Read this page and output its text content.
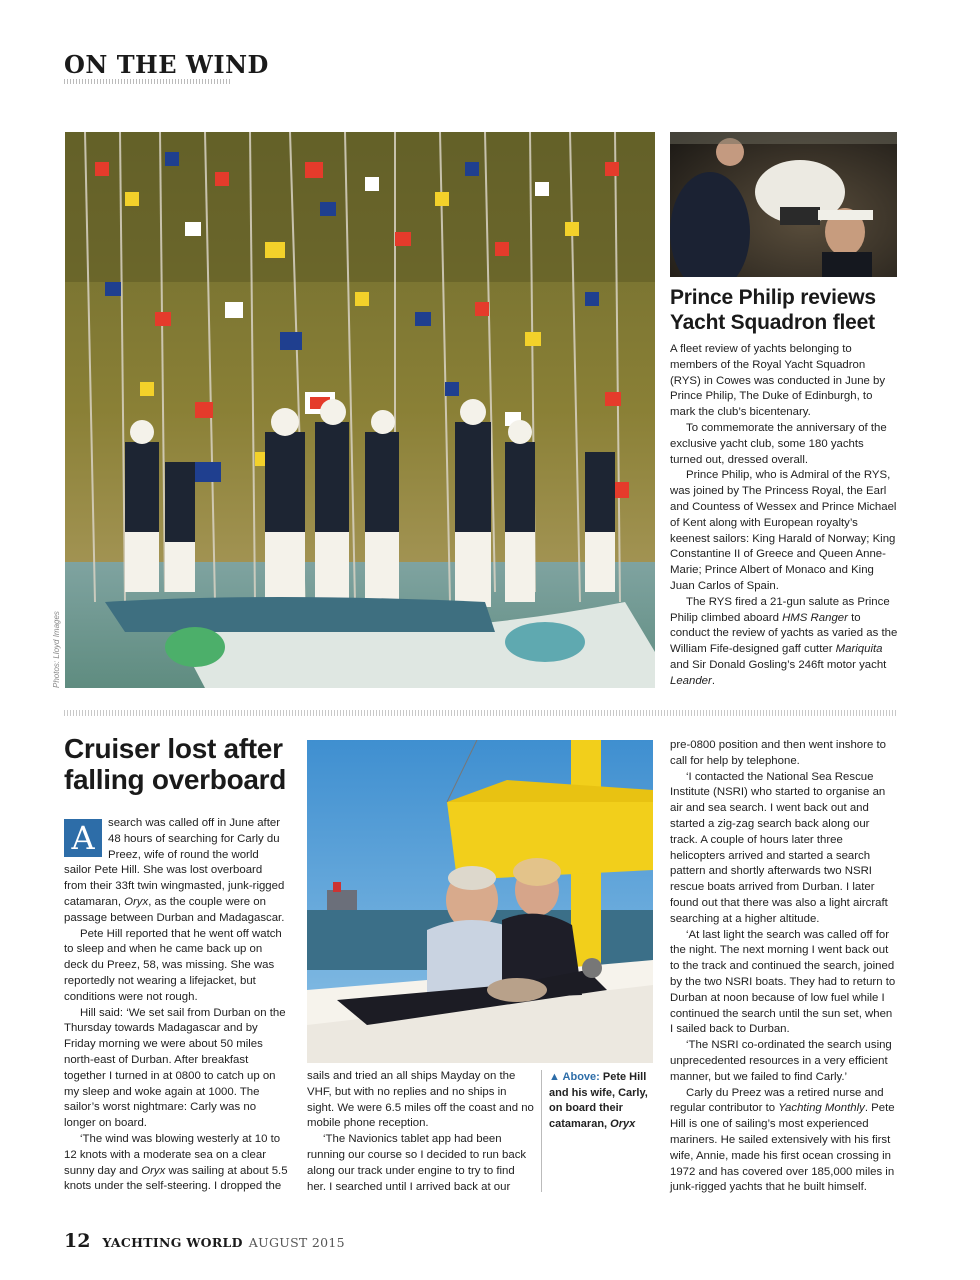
ON THE WIND
Photos: Lloyd Images
Prince Philip reviews Yacht Squadron fleet

A fleet review of yachts belonging to members of the Royal Yacht Squadron (RYS) in Cowes was conducted in June by Prince Philip, The Duke of Edinburgh, to mark the club’s bicentenary.

To commemorate the anniversary of the exclusive yacht club, some 180 yachts turned out, dressed overall.

Prince Philip, who is Admiral of the RYS, was joined by The Princess Royal, the Earl and Countess of Wessex and Prince Michael of Kent along with European royalty’s keenest sailors: King Harald of Norway; King Constantine II of Greece and Queen Anne-Marie; Prince Albert of Monaco and King Juan Carlos of Spain.

The RYS fired a 21-gun salute as Prince Philip climbed aboard HMS Ranger to conduct the review of yachts as varied as the William Fife-designed gaff cutter Mariquita and Sir Donald Gosling’s 246ft motor yacht Leander.

Cruiser lost after falling overboard

A	search was called off in June after 48 hours of searching for Carly du Preez, wife of round the world sailor Pete Hill. She was lost overboard from their 33ft twin wingmasted, junk-rigged catamaran, Oryx, as the couple were on passage between Durban and Madagascar.

Pete Hill reported that he went off watch to sleep and when he came back up on deck du Preez, 58, was missing. She was reportedly not wearing a lifejacket, but conditions were not rough.

Hill said: ‘We set sail from Durban on the Thursday towards Madagascar and by Friday morning we were about 50 miles north-east of Durban. After breakfast together I turned in at 0800 to catch up on my sleep and woke again at 1000. The sailor’s worst nightmare: Carly was no longer on board.

‘The wind was blowing westerly at 10 to 12 knots with a moderate sea on a clear sunny day and Oryx was sailing at about 5.5 knots under the self-steering. I dropped the

sails and tried an all ships Mayday on the VHF, but with no replies and no ships in sight. We were 6.5 miles off the coast and no mobile phone reception.

‘The Navionics tablet app had been running our course so I decided to run back along our track under engine to try to find her. I searched until I arrived back at our

▲ Above: Pete Hill and his wife, Carly, on board their catamaran, Oryx

pre-0800 position and then went inshore to call for help by telephone.

‘I contacted the National Sea Rescue Institute (NSRI) who started to organise an air and sea search. I went back out and started a zig-zag search back along our track. A couple of hours later three helicopters arrived and started a search pattern and shortly afterwards two NSRI rescue boats arrived from Durban. I later found out that there was also a light aircraft searching at a higher altitude.

‘At last light the search was called off for the night. The next morning I went back out to the track and continued the search, joined by the two NSRI boats. They had to return to Durban at noon because of low fuel while I continued the search until the sun set, when I sailed back to Durban.

‘The NSRI co-ordinated the search using unprecedented resources in a very efficient manner, but we failed to find Carly.’

Carly du Preez was a retired nurse and regular contributor to Yachting Monthly. Pete Hill is one of sailing’s most experienced mariners. He sailed extensively with his first wife, Annie, made his first ocean crossing in 1972 and has covered over 185,000 miles in junk-rigged yachts that he built himself.

12 YACHTING WORLD AUGUST 2015
